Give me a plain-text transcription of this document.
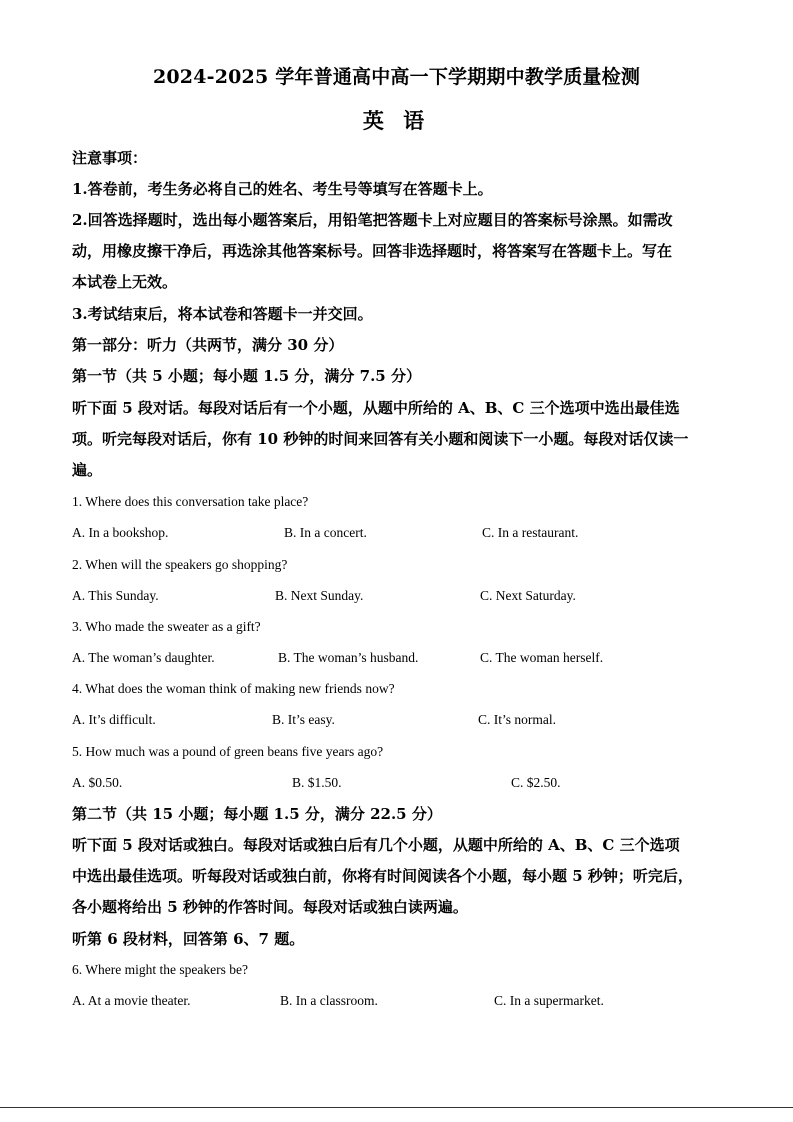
2024-2025 学年普通高中高一下学期期中教学质量检测
英 语
注意事项：
1.答卷前，考生务必将自己的姓名、考生号等填写在答题卡上。
2.回答选择题时，选出每小题答案后，用铅笔把答题卡上对应题目的答案标号涂黑。如需改
动，用橡皮擦干净后，再选涂其他答案标号。回答非选择题时，将答案写在答题卡上。写在
本试卷上无效。
3.考试结束后，将本试卷和答题卡一并交回。
第一部分：听力（共两节，满分 30 分）
第一节（共 5 小题；每小题 1.5 分，满分 7.5 分）
听下面 5 段对话。每段对话后有一个小题，从题中所给的 A、B、C 三个选项中选出最佳选
项。听完每段对话后，你有 10 秒钟的时间来回答有关小题和阅读下一小题。每段对话仅读一
遍。
1. Where does this conversation take place?
A. In a bookshop.	B. In a concert.	C. In a restaurant.
2. When will the speakers go shopping?
A. This Sunday.	B. Next Sunday.	C. Next Saturday.
3. Who made the sweater as a gift?
A. The woman’s daughter.	B. The woman’s husband.	C. The woman herself.
4. What does the woman think of making new friends now?
A. It’s difficult.	B. It’s easy.	C. It’s normal.
5. How much was a pound of green beans five years ago?
A. $0.50.	B. $1.50.	C. $2.50.
第二节（共 15 小题；每小题 1.5 分，满分 22.5 分）
听下面 5 段对话或独白。每段对话或独白后有几个小题，从题中所给的 A、B、C 三个选项
中选出最佳选项。听每段对话或独白前，你将有时间阅读各个小题，每小题 5 秒钟；听完后，
各小题将给出 5 秒钟的作答时间。每段对话或独白读两遍。
听第 6 段材料，回答第 6、7 题。
6. Where might the speakers be?
A. At a movie theater.	B. In a classroom.	C. In a supermarket.
